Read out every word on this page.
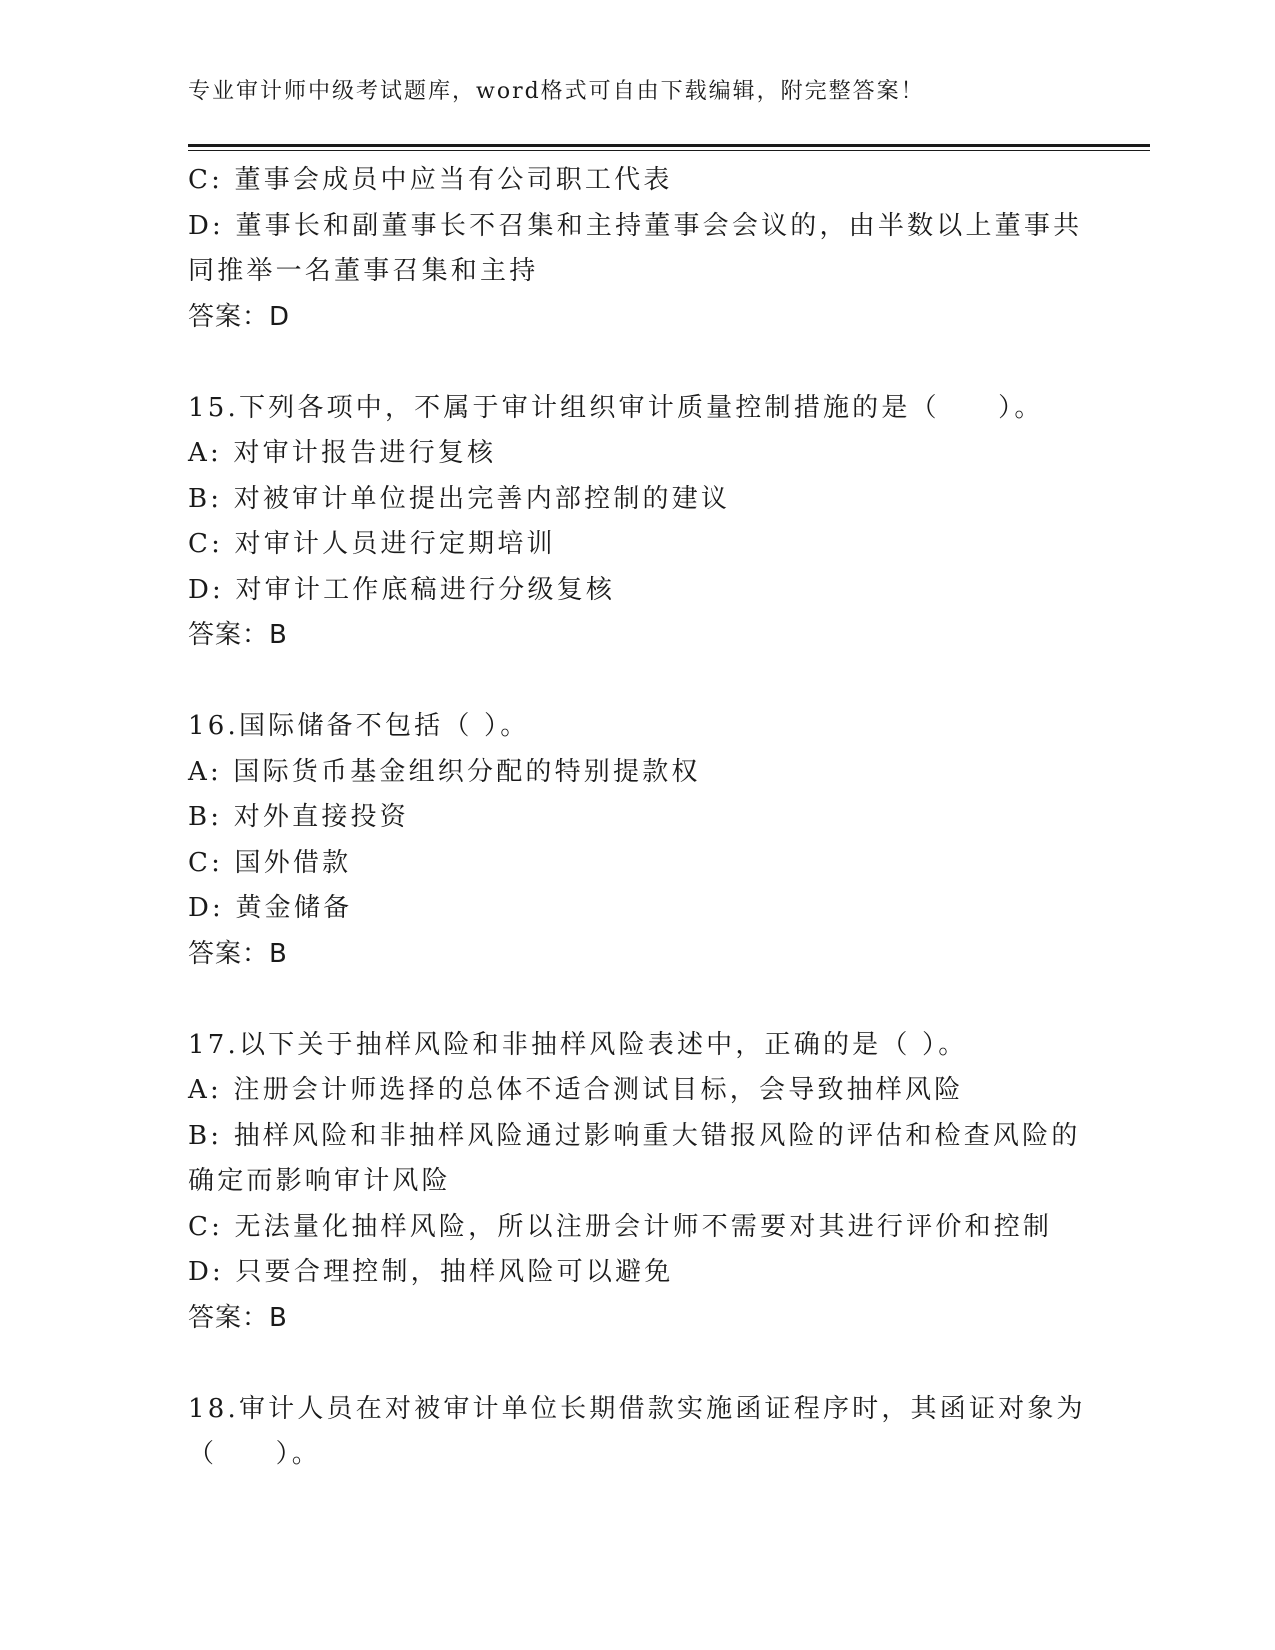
专业审计师中级考试题库，word格式可自由下载编辑，附完整答案！
C: 董事会成员中应当有公司职工代表
D: 董事长和副董事长不召集和主持董事会会议的，由半数以上董事共
同推举一名董事召集和主持
答案：D
15.下列各项中，不属于审计组织审计质量控制措施的是（　　）。
A: 对审计报告进行复核
B: 对被审计单位提出完善内部控制的建议
C: 对审计人员进行定期培训
D: 对审计工作底稿进行分级复核
答案：B
16.国际储备不包括（ ）。
A: 国际货币基金组织分配的特别提款权
B: 对外直接投资
C: 国外借款
D: 黄金储备
答案：B
17.以下关于抽样风险和非抽样风险表述中，正确的是（ ）。
A: 注册会计师选择的总体不适合测试目标，会导致抽样风险
B: 抽样风险和非抽样风险通过影响重大错报风险的评估和检查风险的
确定而影响审计风险
C: 无法量化抽样风险，所以注册会计师不需要对其进行评价和控制
D: 只要合理控制，抽样风险可以避免
答案：B
18.审计人员在对被审计单位长期借款实施函证程序时，其函证对象为
（　　）。
